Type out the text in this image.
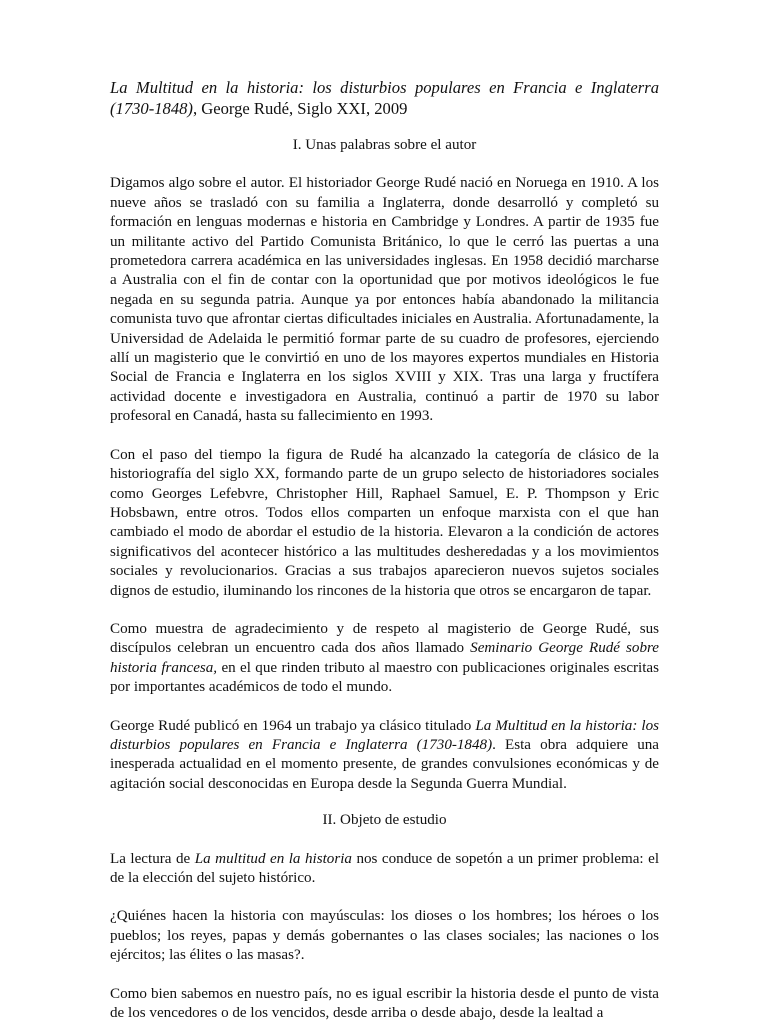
La Multitud en la historia: los disturbios populares en Francia e Inglaterra (1730-1848), George Rudé, Siglo XXI, 2009

I. Unas palabras sobre el autor

Digamos algo sobre el autor. El historiador George Rudé nació en Noruega en 1910. A los nueve años se trasladó con su familia a Inglaterra, donde desarrolló y completó su formación en lenguas modernas e historia en Cambridge y Londres. A partir de 1935 fue un militante activo del Partido Comunista Británico, lo que le cerró las puertas a una prometedora carrera académica en las universidades inglesas. En 1958 decidió marcharse a Australia con el fin de contar con la oportunidad que por motivos ideológicos le fue negada en su segunda patria. Aunque ya por entonces había abandonado la militancia comunista tuvo que afrontar ciertas dificultades iniciales en Australia. Afortunadamente, la Universidad de Adelaida le permitió formar parte de su cuadro de profesores, ejerciendo allí un magisterio que le convirtió en uno de los mayores expertos mundiales en Historia Social de Francia e Inglaterra en los siglos XVIII y XIX. Tras una larga y fructífera actividad docente e investigadora en Australia, continuó a partir de 1970 su labor profesoral en Canadá, hasta su fallecimiento en 1993.

Con el paso del tiempo la figura de Rudé ha alcanzado la categoría de clásico de la historiografía del siglo XX, formando parte de un grupo selecto de historiadores sociales como Georges Lefebvre, Christopher Hill, Raphael Samuel, E. P. Thompson y Eric Hobsbawn, entre otros. Todos ellos comparten un enfoque marxista con el que han cambiado el modo de abordar el estudio de la historia. Elevaron a la condición de actores significativos del acontecer histórico a las multitudes desheredadas y a los movimientos sociales y revolucionarios. Gracias a sus trabajos aparecieron nuevos sujetos sociales dignos de estudio, iluminando los rincones de la historia que otros se encargaron de tapar.

Como muestra de agradecimiento y de respeto al magisterio de George Rudé, sus discípulos celebran un encuentro cada dos años llamado Seminario George Rudé sobre historia francesa, en el que rinden tributo al maestro con publicaciones originales escritas por importantes académicos de todo el mundo.

George Rudé publicó en 1964 un trabajo ya clásico titulado La Multitud en la historia: los disturbios populares en Francia e Inglaterra (1730-1848). Esta obra adquiere una inesperada actualidad en el momento presente, de grandes convulsiones económicas y de agitación social desconocidas en Europa desde la Segunda Guerra Mundial.

II. Objeto de estudio

La lectura de La multitud en la historia nos conduce de sopetón a un primer problema: el de la elección del sujeto histórico.

¿Quiénes hacen la historia con mayúsculas: los dioses o los hombres; los héroes o los pueblos; los reyes, papas y demás gobernantes o las clases sociales; las naciones o los ejércitos; las élites o las masas?.

Como bien sabemos en nuestro país, no es igual escribir la historia desde el punto de vista de los vencedores o de los vencidos, desde arriba o desde abajo, desde la lealtad a
